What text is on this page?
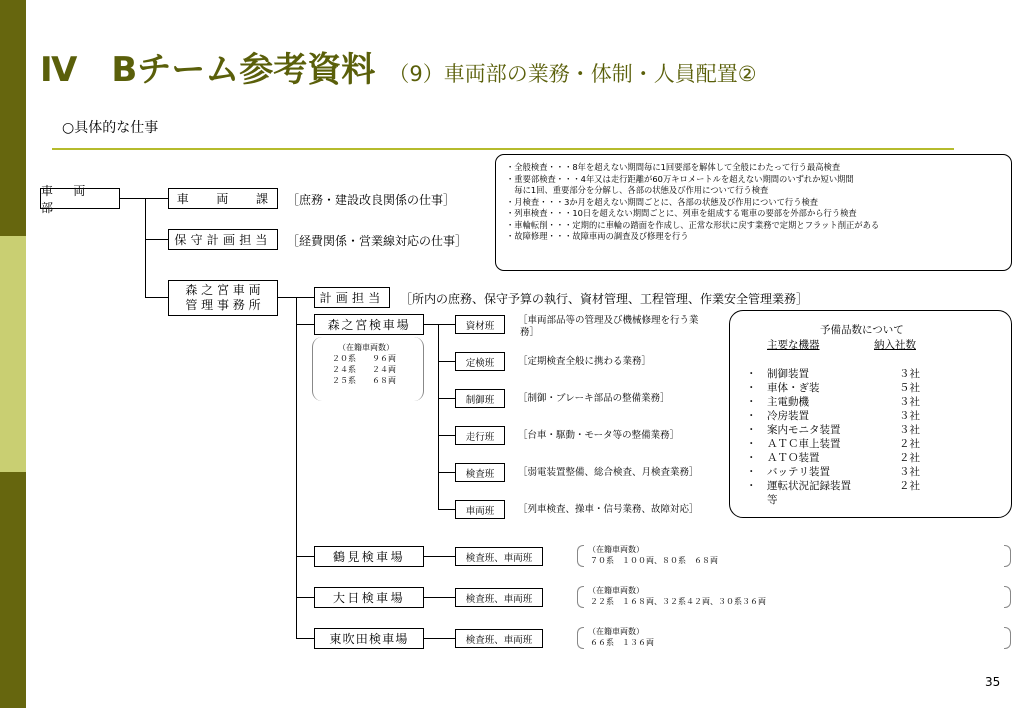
Ⅳ　Bチーム参考資料 （9）車両部の業務・体制・人員配置②
○具体的な仕事
・全般検査・・・8年を超えない期間毎に1回要部を解体して全般にわたって行う最高検査
・重要部検査・・・4年又は走行距離が60万キロメートルを超えない期間のいずれか短い期間
　毎に1回、重要部分を分解し、各部の状態及び作用について行う検査
・月検査・・・3か月を超えない期間ごとに、各部の状態及び作用について行う検査
・列車検査・・・10日を超えない期間ごとに、列車を組成する電車の要部を外部から行う検査
・車輪転削・・・定期的に車輪の踏面を作成し、正常な形状に戻す業務で定期とフラット削正がある
・故障修理・・・故障車両の調査及び修理を行う
車　両　部
車　　両　　課	［庶務・建設改良関係の仕事］
保守計画担当	［経費関係・営業線対応の仕事］
森 之 宮 車 両
管 理 事 務 所	計画担当	［所内の庶務、保守予算の執行、資材管理、工程管理、作業安全管理業務］
森之宮検車場
（在籍車両数）
２０系　　９６両
２４系　　２４両
２５系　　６８両
資材班	［車両部品等の管理及び機械修理を行う業
務］
定検班	［定期検査全般に携わる業務］
制御班	［制御・ブレーキ部品の整備業務］
走行班	［台車・駆動・モータ等の整備業務］
検査班	［弱電装置整備、総合検査、月検査業務］
車両班	［列車検査、操車・信号業務、故障対応］
鶴見検車場	検査班、車両班
（在籍車両数）
７０系　１００両、８０系　６８両
大日検車場	検査班、車両班
（在籍車両数）
２２系　１６８両、３２系４２両、３０系３６両
東吹田検車場	検査班、車両班
（在籍車両数）
６６系　１３６両
予備品数について
主要な機器	納入社数
・ 制御装置	３社
・ 車体・ぎ装	５社
・ 主電動機	３社
・ 冷房装置	３社
・ 案内モニタ装置	３社
・ ＡＴＣ車上装置	２社
・ ＡＴＯ装置	２社
・ バッテリ装置	３社
・ 運転状況記録装置	２社
等
35
